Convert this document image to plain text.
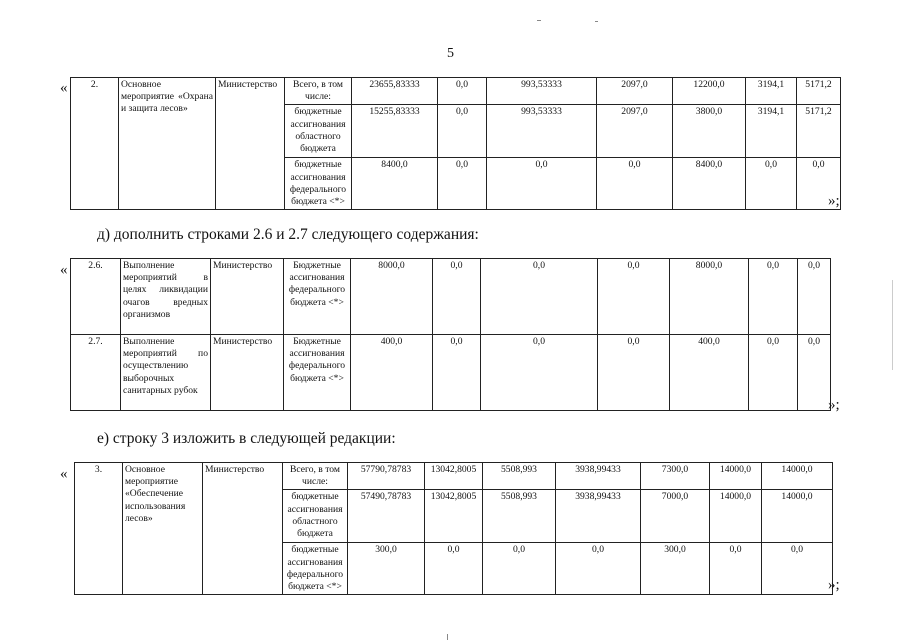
5
« 2.	Основное мероприятие «Охрана и защита лесов»	Министерство	Всего, в том числе:	23655,83333	0,0	993,53333	2097,0	12200,0	3194,1	5171,2
			бюджетные ассигнования областного бюджета	15255,83333	0,0	993,53333	2097,0	3800,0	3194,1	5171,2
			бюджетные ассигнования федерального бюджета <*>	8400,0	0,0	0,0	0,0	8400,0	0,0	0,0
»;
д) дополнить строками 2.6 и 2.7 следующего содержания:
« 2.6.	Выполнение мероприятий в целях ликвидации очагов вредных организмов	Министерство	Бюджетные ассигнования федерального бюджета <*>	8000,0	0,0	0,0	0,0	8000,0	0,0	0,0
2.7.	Выполнение мероприятий по осуществлению выборочных санитарных рубок	Министерство	Бюджетные ассигнования федерального бюджета <*>	400,0	0,0	0,0	0,0	400,0	0,0	0,0
»;
е) строку 3 изложить в следующей редакции:
«	3.	Основное мероприятие «Обеспечение использования лесов»	Министерство	Всего, в том числе:	57790,78783	13042,8005	5508,993	3938,99433	7300,0	14000,0	14000,0
			бюджетные ассигнования областного бюджета	57490,78783	13042,8005	5508,993	3938,99433	7000,0	14000,0	14000,0
			бюджетные ассигнования федерального бюджета <*>	300,0	0,0	0,0	0,0	300,0	0,0	0,0
»;
